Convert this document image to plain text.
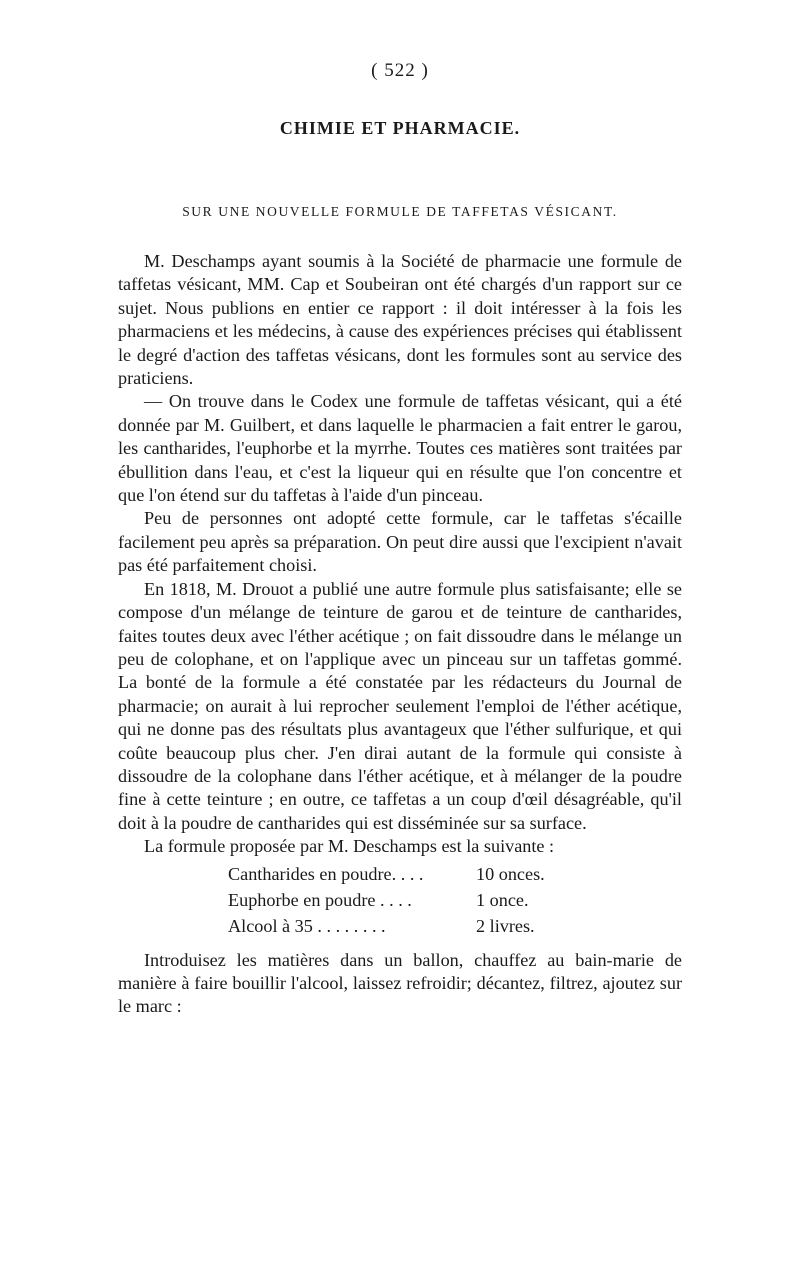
( 522 )
CHIMIE ET PHARMACIE.
SUR UNE NOUVELLE FORMULE DE TAFFETAS VÉSICANT.

M. Deschamps ayant soumis à la Société de pharmacie une formule de taffetas vésicant, MM. Cap et Soubeiran ont été chargés d'un rapport sur ce sujet. Nous publions en entier ce rapport : il doit intéresser à la fois les pharmaciens et les médecins, à cause des expériences précises qui établissent le degré d'action des taffetas vésicans, dont les formules sont au service des praticiens.

— On trouve dans le Codex une formule de taffetas vésicant, qui a été donnée par M. Guilbert, et dans laquelle le pharmacien a fait entrer le garou, les cantharides, l'euphorbe et la myrrhe. Toutes ces matières sont traitées par ébullition dans l'eau, et c'est la liqueur qui en résulte que l'on concentre et que l'on étend sur du taffetas à l'aide d'un pinceau.

Peu de personnes ont adopté cette formule, car le taffetas s'écaille facilement peu après sa préparation. On peut dire aussi que l'excipient n'avait pas été parfaitement choisi.

En 1818, M. Drouot a publié une autre formule plus satisfaisante; elle se compose d'un mélange de teinture de garou et de teinture de cantharides, faites toutes deux avec l'éther acétique ; on fait dissoudre dans le mélange un peu de colophane, et on l'applique avec un pinceau sur un taffetas gommé. La bonté de la formule a été constatée par les rédacteurs du Journal de pharmacie; on aurait à lui reprocher seulement l'emploi de l'éther acétique, qui ne donne pas des résultats plus avantageux que l'éther sulfurique, et qui coûte beaucoup plus cher. J'en dirai autant de la formule qui consiste à dissoudre de la colophane dans l'éther acétique, et à mélanger de la poudre fine à cette teinture ; en outre, ce taffetas a un coup d'œil désagréable, qu'il doit à la poudre de cantharides qui est disséminée sur sa surface.

La formule proposée par M. Deschamps est la suivante :

Cantharides en poudre. . . .	10 onces.
Euphorbe en poudre . . . .	1 once.
Alcool à 35 . . . . . . . .	2 livres.

Introduisez les matières dans un ballon, chauffez au bain-marie de manière à faire bouillir l'alcool, laissez refroidir; décantez, filtrez, ajoutez sur le marc :
